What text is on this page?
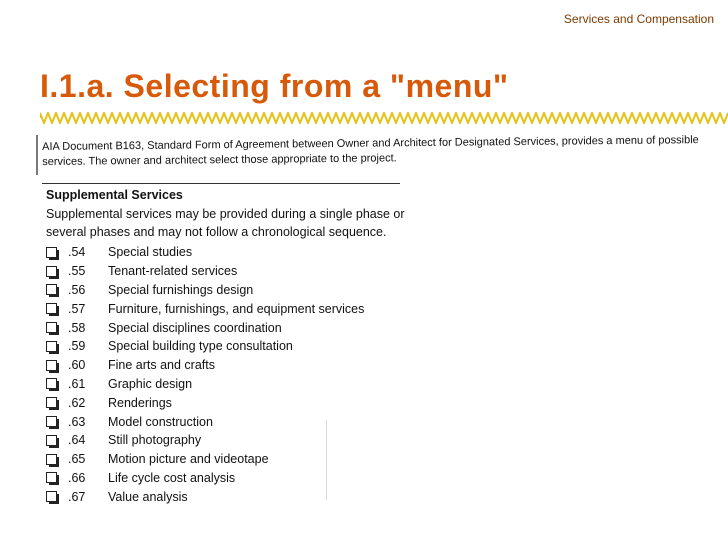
Services and Compensation
I.1.a. Selecting from a "menu"

AIA Document B163, Standard Form of Agreement between Owner and Architect for Designated Services, provides a menu of possible services. The owner and architect select those appropriate to the project.

Supplemental Services

Supplemental services may be provided during a single phase or several phases and may not follow a chronological sequence.

.54	Special studies
.55	Tenant-related services
.56	Special furnishings design
.57	Furniture, furnishings, and equipment services
.58	Special disciplines coordination
.59	Special building type consultation
.60	Fine arts and crafts
.61	Graphic design
.62	Renderings
.63	Model construction
.64	Still photography
.65	Motion picture and videotape
.66	Life cycle cost analysis
.67	Value analysis
